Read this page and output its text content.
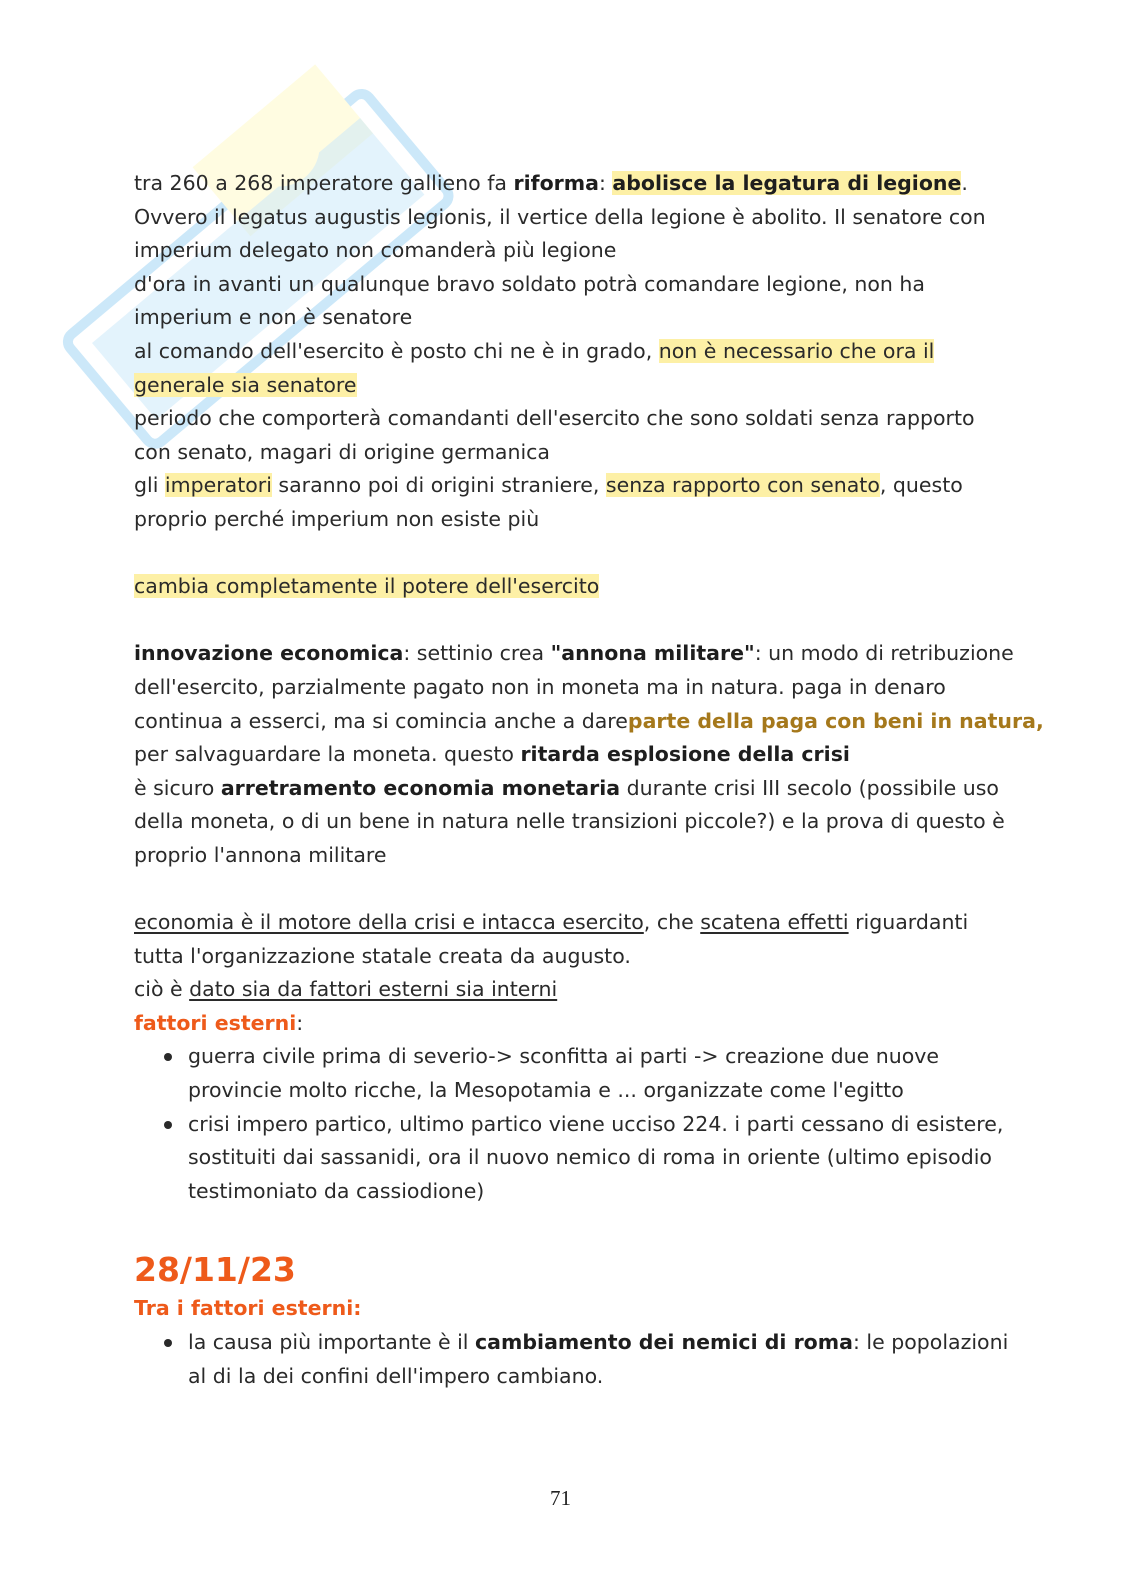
tra 260 a 268 imperatore gallieno fa riforma: abolisce la legatura di legione.
Ovvero il legatus augustis legionis, il vertice della legione è abolito. Il senatore con
imperium delegato non comanderà più legione
d'ora in avanti un qualunque bravo soldato potrà comandare legione, non ha
imperium e non è senatore
al comando dell'esercito è posto chi ne è in grado, non è necessario che ora il
generale sia senatore
periodo che comporterà comandanti dell'esercito che sono soldati senza rapporto
con senato, magari di origine germanica
gli imperatori saranno poi di origini straniere, senza rapporto con senato, questo
proprio perché imperium non esiste più
cambia completamente il potere dell'esercito
innovazione economica: settinio crea "annona militare": un modo di retribuzione
dell'esercito, parzialmente pagato non in moneta ma in natura. paga in denaro
continua a esserci, ma si comincia anche a dareparte della paga con beni in natura,
per salvaguardare la moneta. questo ritarda esplosione della crisi
è sicuro arretramento economia monetaria durante crisi III secolo (possibile uso
della moneta, o di un bene in natura nelle transizioni piccole?) e la prova di questo è
proprio l'annona militare
economia è il motore della crisi e intacca esercito, che scatena effetti riguardanti
tutta l'organizzazione statale creata da augusto.
ciò è dato sia da fattori esterni sia interni
fattori esterni:
guerra civile prima di severio-> sconfitta ai parti -> creazione due nuove
provincie molto ricche, la Mesopotamia e ... organizzate come l'egitto
crisi impero partico, ultimo partico viene ucciso 224. i parti cessano di esistere,
sostituiti dai sassanidi, ora il nuovo nemico di roma in oriente (ultimo episodio
testimoniato da cassiodione)
28/11/23
Tra i fattori esterni:
la causa più importante è il cambiamento dei nemici di roma: le popolazioni
al di la dei confini dell'impero cambiano.
71
